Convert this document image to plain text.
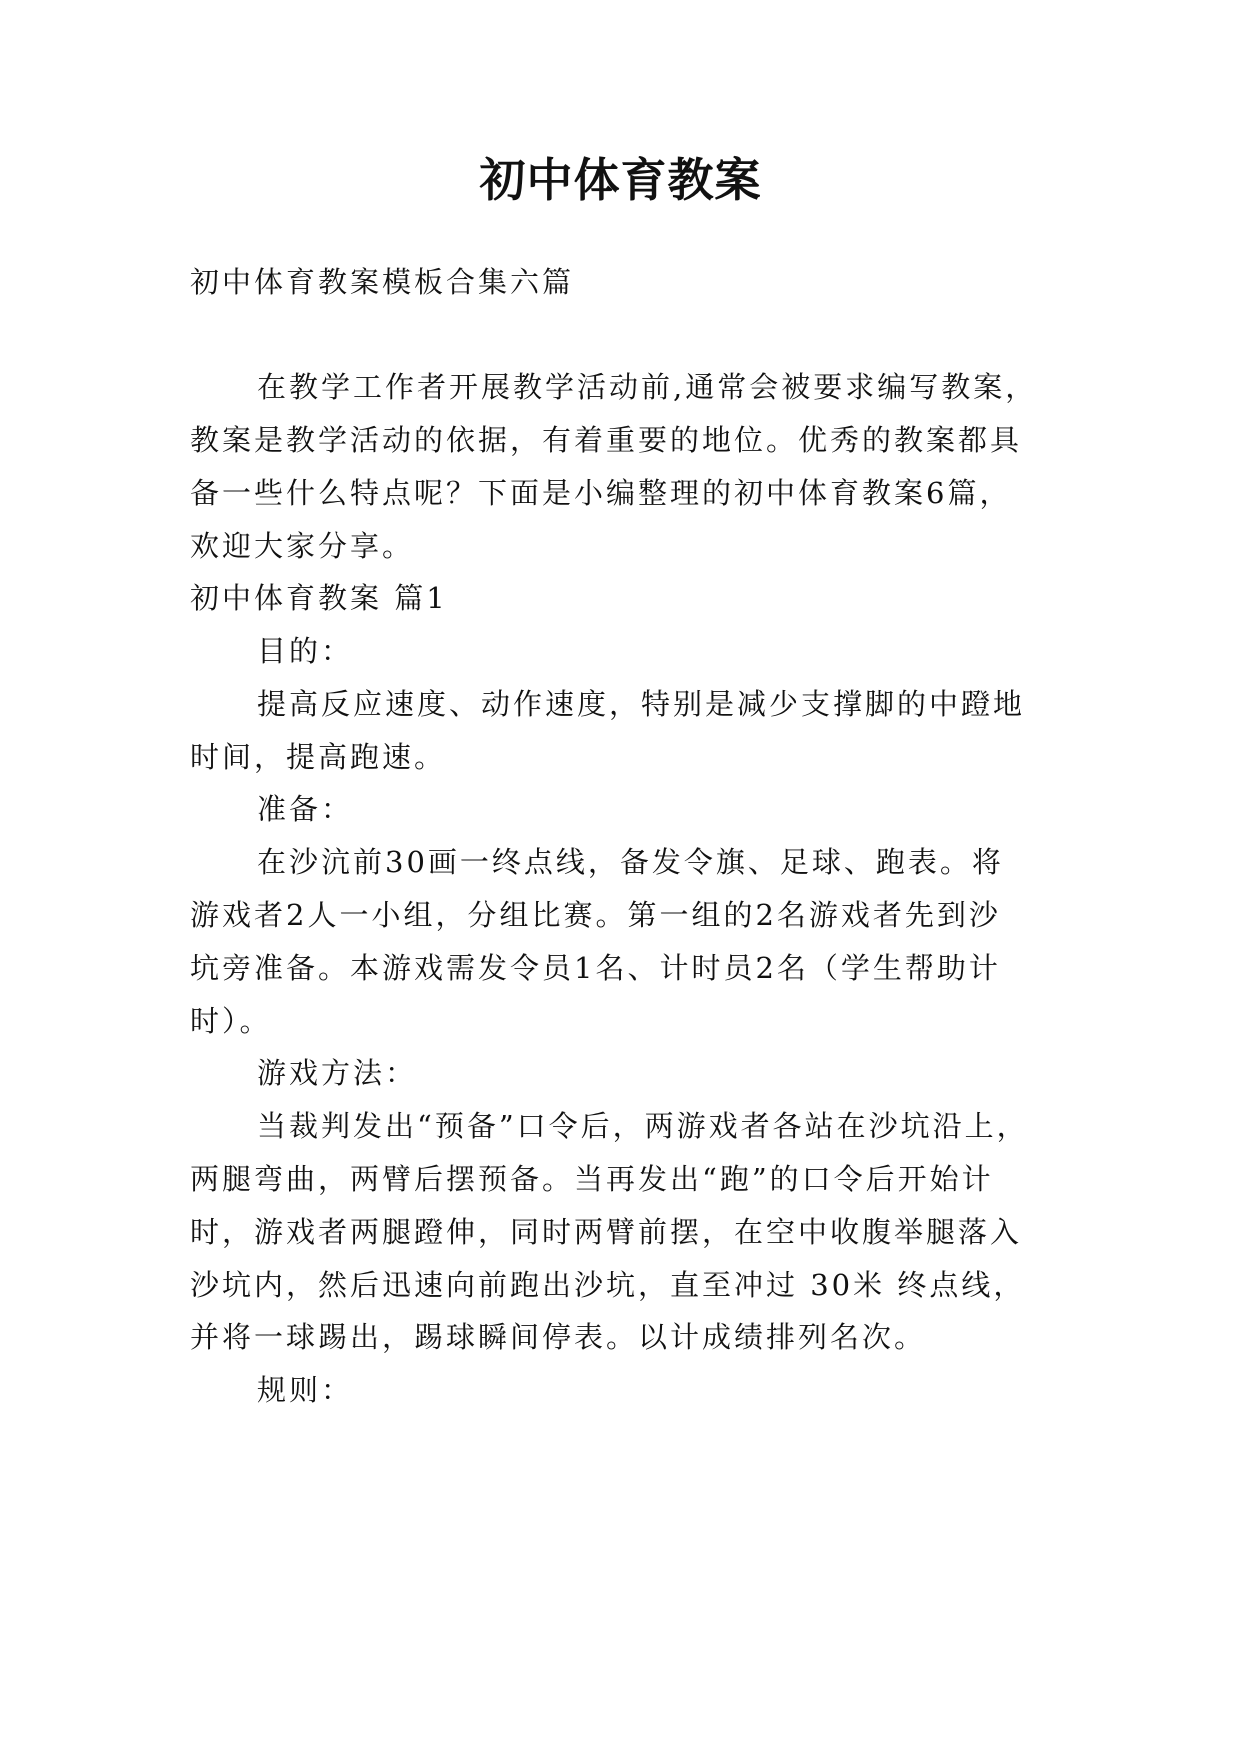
初中体育教案
初中体育教案模板合集六篇
在教学工作者开展教学活动前,通常会被要求编写教案，
教案是教学活动的依据，有着重要的地位。优秀的教案都具
备一些什么特点呢？下面是小编整理的初中体育教案6篇，
欢迎大家分享。
初中体育教案 篇1
目的：
提高反应速度、动作速度，特别是减少支撑脚的中蹬地
时间，提高跑速。
准备：
在沙沆前30画一终点线，备发令旗、足球、跑表。将
游戏者2人一小组，分组比赛。第一组的2名游戏者先到沙
坑旁准备。本游戏需发令员1名、计时员2名（学生帮助计
时）。
游戏方法：
当裁判发出“预备”口令后，两游戏者各站在沙坑沿上，
两腿弯曲，两臂后摆预备。当再发出“跑”的口令后开始计
时，游戏者两腿蹬伸，同时两臂前摆，在空中收腹举腿落入
沙坑内，然后迅速向前跑出沙坑，直至冲过 30米 终点线，
并将一球踢出，踢球瞬间停表。以计成绩排列名次。
规则：
